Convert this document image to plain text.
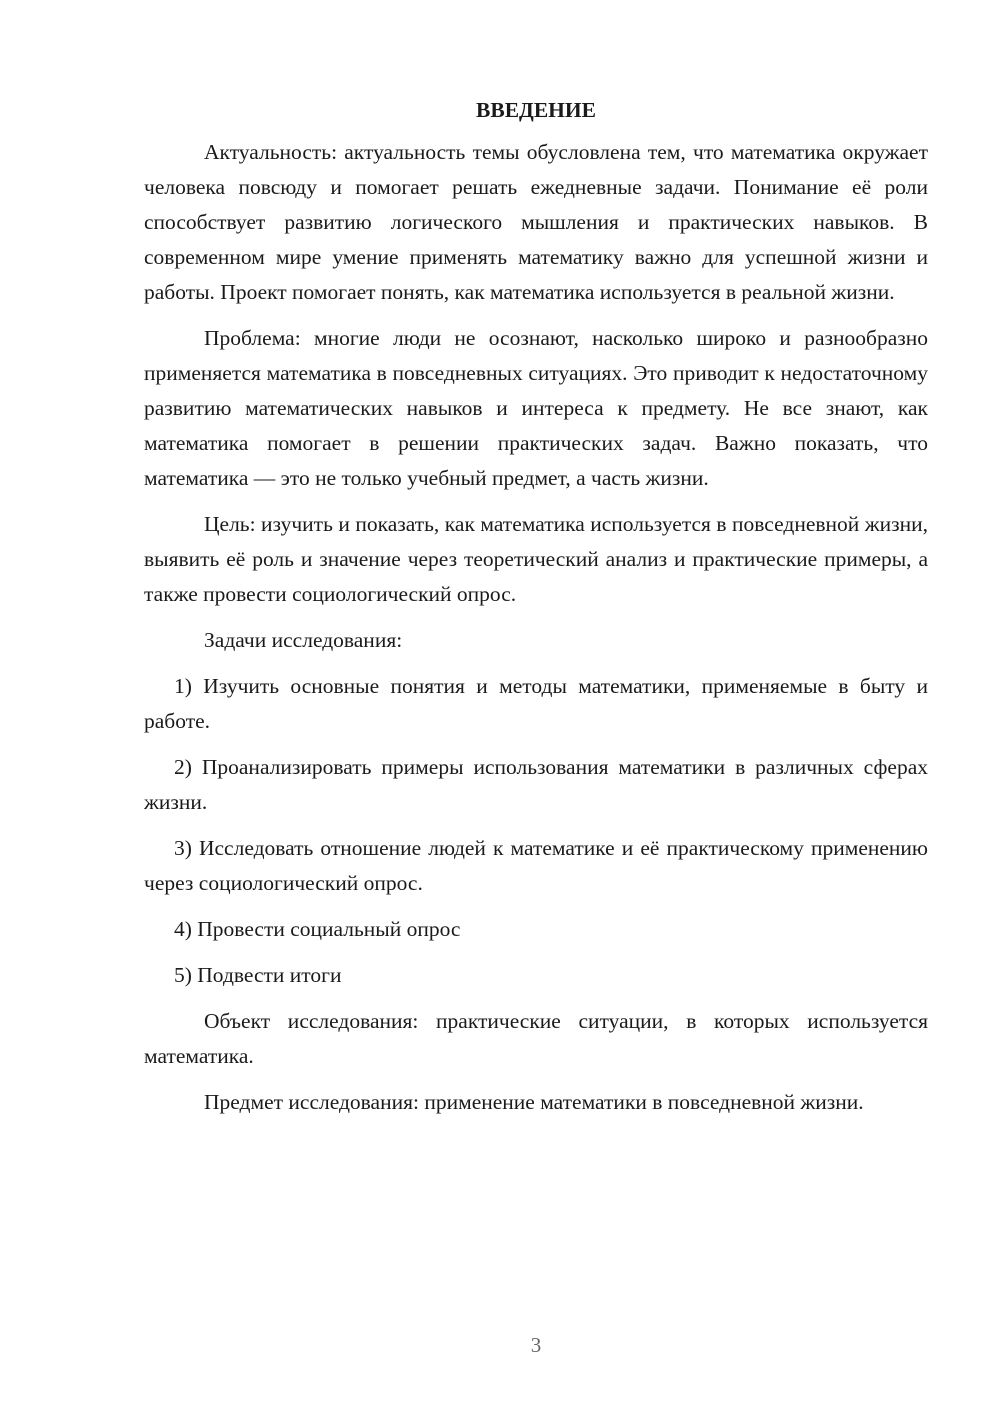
ВВЕДЕНИЕ

Актуальность: актуальность темы обусловлена тем, что математика окружает человека повсюду и помогает решать ежедневные задачи. Понимание её роли способствует развитию логического мышления и практических навыков. В современном мире умение применять математику важно для успешной жизни и работы. Проект помогает понять, как математика используется в реальной жизни.

Проблема: многие люди не осознают, насколько широко и разнообразно применяется математика в повседневных ситуациях. Это приводит к недостаточному развитию математических навыков и интереса к предмету. Не все знают, как математика помогает в решении практических задач. Важно показать, что математика — это не только учебный предмет, а часть жизни.

Цель: изучить и показать, как математика используется в повседневной жизни, выявить её роль и значение через теоретический анализ и практические примеры, а также провести социологический опрос.

Задачи исследования:

1) Изучить основные понятия и методы математики, применяемые в быту и работе.

2) Проанализировать примеры использования математики в различных сферах жизни.

3) Исследовать отношение людей к математике и её практическому применению через социологический опрос.

4) Провести социальный опрос

5) Подвести итоги

Объект исследования: практические ситуации, в которых используется математика.

Предмет исследования: применение математики в повседневной жизни.

3
